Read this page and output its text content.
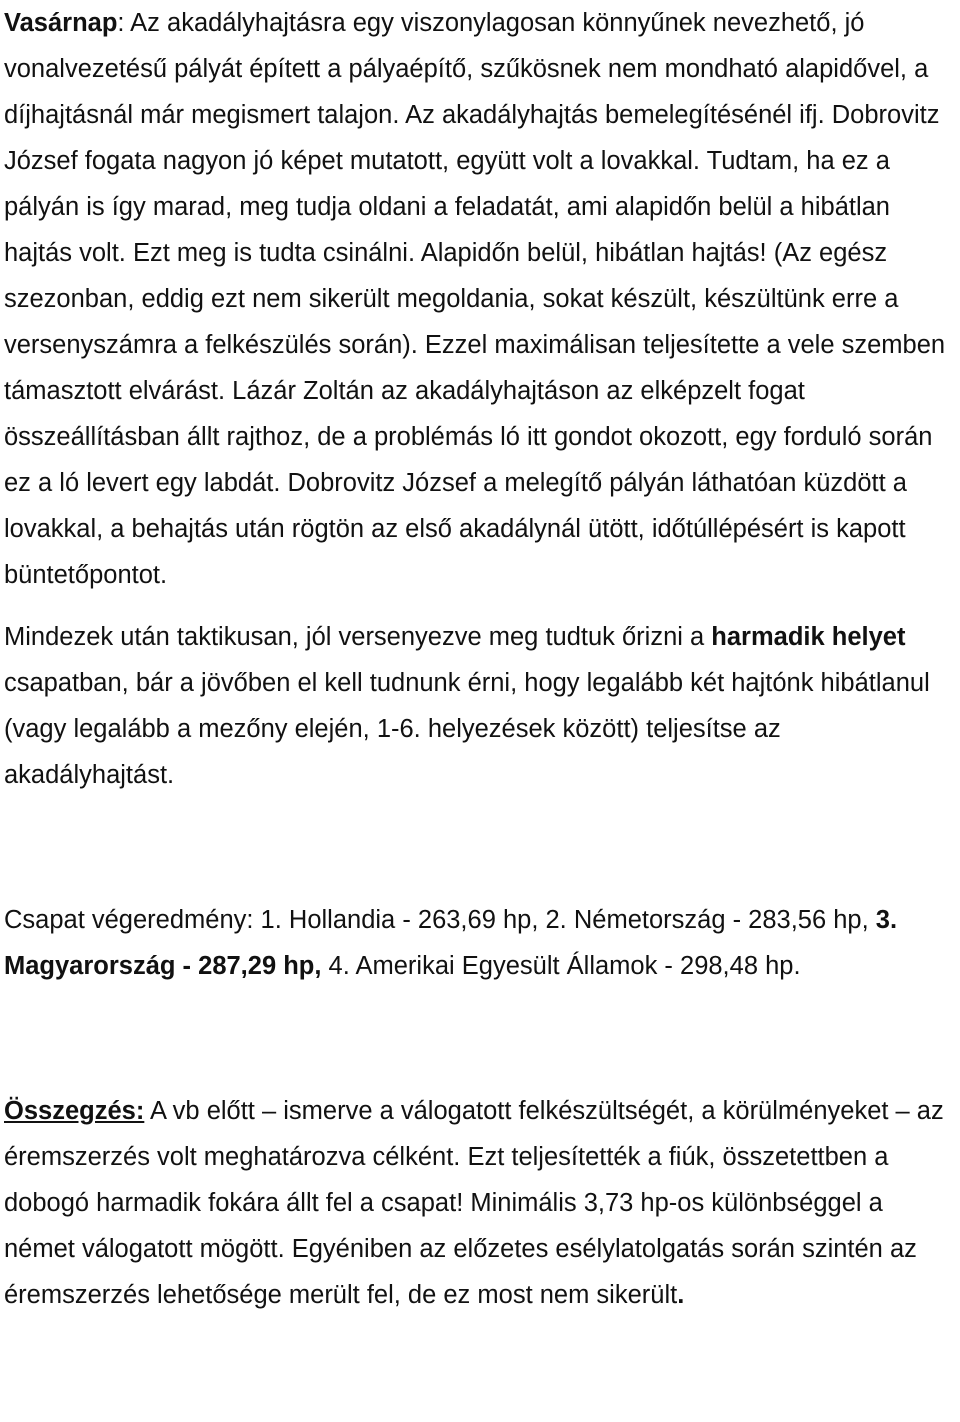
Vasárnap: Az akadályhajtásra egy viszonylagosan könnyűnek nevezhető, jó vonalvezetésű pályát épített a pályaépítő, szűkösnek nem mondható alapidővel, a díjhajtásnál már megismert talajon. Az akadályhajtás bemelegítésénél ifj. Dobrovitz József fogata nagyon jó képet mutatott, együtt volt a lovakkal. Tudtam, ha ez a pályán is így marad, meg tudja oldani a feladatát, ami alapidőn belül a hibátlan hajtás volt. Ezt meg is tudta csinálni. Alapidőn belül, hibátlan hajtás! (Az egész szezonban, eddig ezt nem sikerült megoldania, sokat készült, készültünk erre a versenyszámra a felkészülés során). Ezzel maximálisan teljesítette a vele szemben támasztott elvárást. Lázár Zoltán az akadályhajtáson az elképzelt fogat összeállításban állt rajthoz, de a problémás ló itt gondot okozott, egy forduló során ez a ló levert egy labdát. Dobrovitz József a melegítő pályán láthatóan küzdött a lovakkal, a behajtás után rögtön az első akadálynál ütött, időtúllépésért is kapott büntetőpontot.

Mindezek után taktikusan, jól versenyezve meg tudtuk őrizni a harmadik helyet csapatban, bár a jövőben el kell tudnunk érni, hogy legalább két hajtónk hibátlanul (vagy legalább a mezőny elején, 1-6. helyezések között) teljesítse az akadályhajtást.

Csapat végeredmény: 1. Hollandia - 263,69 hp, 2. Németország - 283,56 hp, 3. Magyarország - 287,29 hp, 4. Amerikai Egyesült Államok - 298,48 hp.

Összegzés: A vb előtt – ismerve a válogatott felkészültségét, a körülményeket – az éremszerzés volt meghatározva célként. Ezt teljesítették a fiúk, összetettben a dobogó harmadik fokára állt fel a csapat! Minimális 3,73 hp-os különbséggel a német válogatott mögött. Egyéniben az előzetes esélylatolgatás során szintén az éremszerzés lehetősége merült fel, de ez most nem sikerült.
